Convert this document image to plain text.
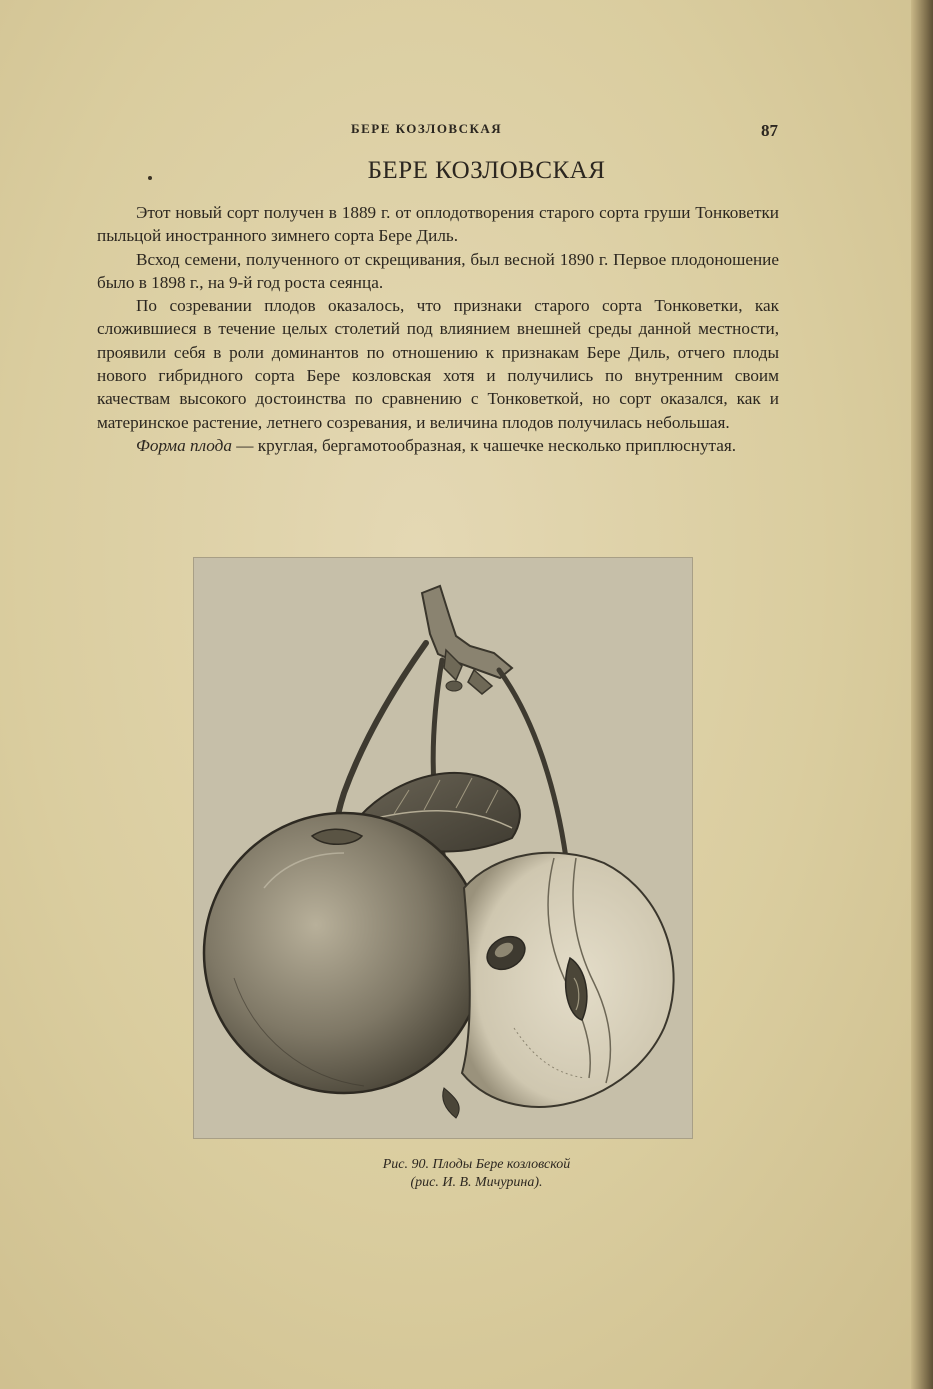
БЕРЕ КОЗЛОВСКАЯ	87
БЕРЕ КОЗЛОВСКАЯ

Этот новый сорт получен в 1889 г. от оплодотворения старого сорта груши Тонковетки пыльцой иностранного зимнего сорта Бере Диль.

Всход семени, полученного от скрещивания, был весной 1890 г. Первое плодоношение было в 1898 г., на 9-й год роста сеянца.

По созревании плодов оказалось, что признаки старого сорта Тонковетки, как сложившиеся в течение целых столетий под влиянием внешней среды данной местности, проявили себя в роли доминантов по отношению к признакам Бере Диль, отчего плоды нового гибридного сорта Бере козловская хотя и получились по внутренним своим качествам высокого достоинства по сравнению с Тонковеткой, но сорт оказался, как и материнское растение, летнего созревания, и величина плодов получилась небольшая.

Форма плода — круглая, бергамотообразная, к чашечке несколько приплюснутая.

Рис. 90. Плоды Бере козловской
(рис. И. В. Мичурина).
